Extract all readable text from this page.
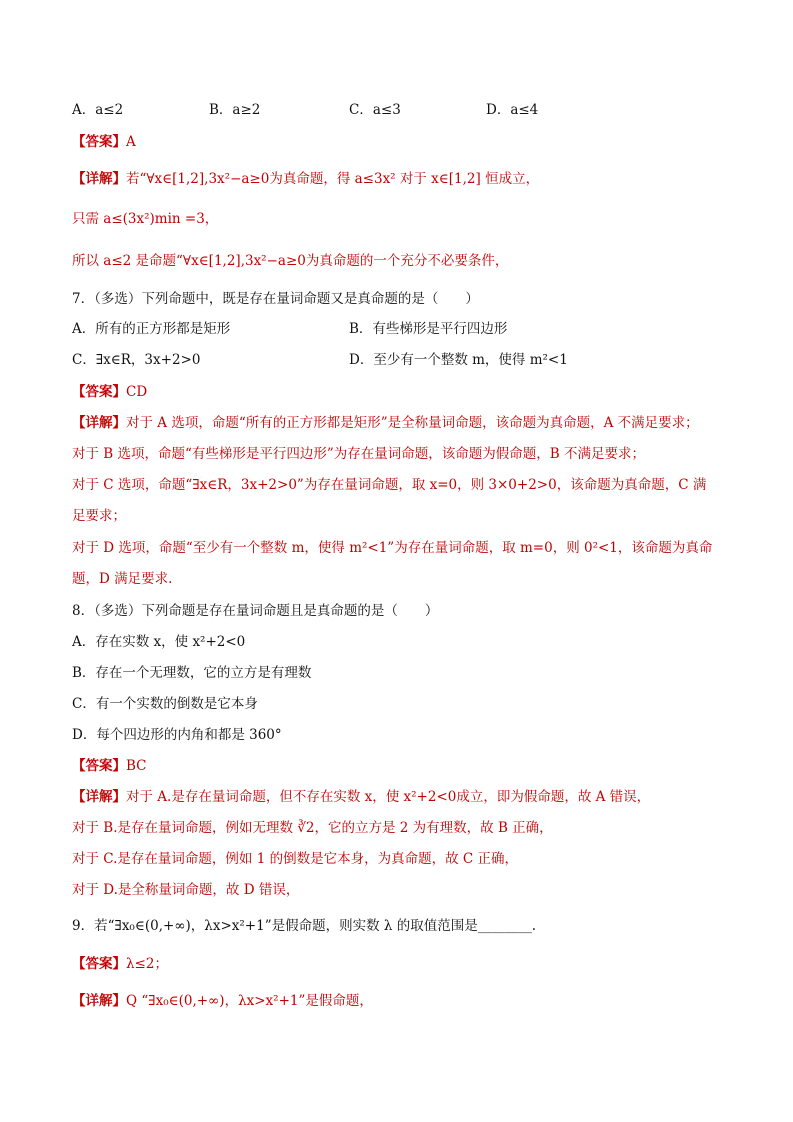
A．a≤2	B．a≥2	C．a≤3	D．a≤4
【答案】A
【详解】若“∀x∈[1,2],3x²−a≥0为真命题，得 a≤3x² 对于 x∈[1,2] 恒成立，
只需 a≤(3x²)min =3，
所以 a≤2 是命题“∀x∈[1,2],3x²−a≥0为真命题的一个充分不必要条件，
7．（多选）下列命题中，既是存在量词命题又是真命题的是（　　）
A．所有的正方形都是矩形	B．有些梯形是平行四边形
C．∃x∈R，3x+2>0	D．至少有一个整数 m，使得 m²<1
【答案】CD
【详解】对于 A 选项，命题“所有的正方形都是矩形”是全称量词命题，该命题为真命题，A 不满足要求；
对于 B 选项，命题“有些梯形是平行四边形”为存在量词命题，该命题为假命题，B 不满足要求；
对于 C 选项，命题“∃x∈R，3x+2>0”为存在量词命题，取 x=0，则 3×0+2>0，该命题为真命题，C 满
足要求；
对于 D 选项，命题“至少有一个整数 m，使得 m²<1”为存在量词命题，取 m=0，则 0²<1，该命题为真命
题，D 满足要求.
8．（多选）下列命题是存在量词命题且是真命题的是（　　）
A．存在实数 x，使 x²+2<0
B．存在一个无理数，它的立方是有理数
C．有一个实数的倒数是它本身
D．每个四边形的内角和都是 360°
【答案】BC
【详解】对于 A.是存在量词命题，但不存在实数 x，使 x²+2<0成立，即为假命题，故 A 错误，
对于 B.是存在量词命题，例如无理数 ∛2，它的立方是 2 为有理数，故 B 正确，
对于 C.是存在量词命题，例如 1 的倒数是它本身，为真命题，故 C 正确，
对于 D.是全称量词命题，故 D 错误，
9．若“∃x₀∈(0,+∞)，λx>x²+1”是假命题，则实数 λ 的取值范围是________.
【答案】λ≤2；
【详解】Q “∃x₀∈(0,+∞)，λx>x²+1”是假命题，
